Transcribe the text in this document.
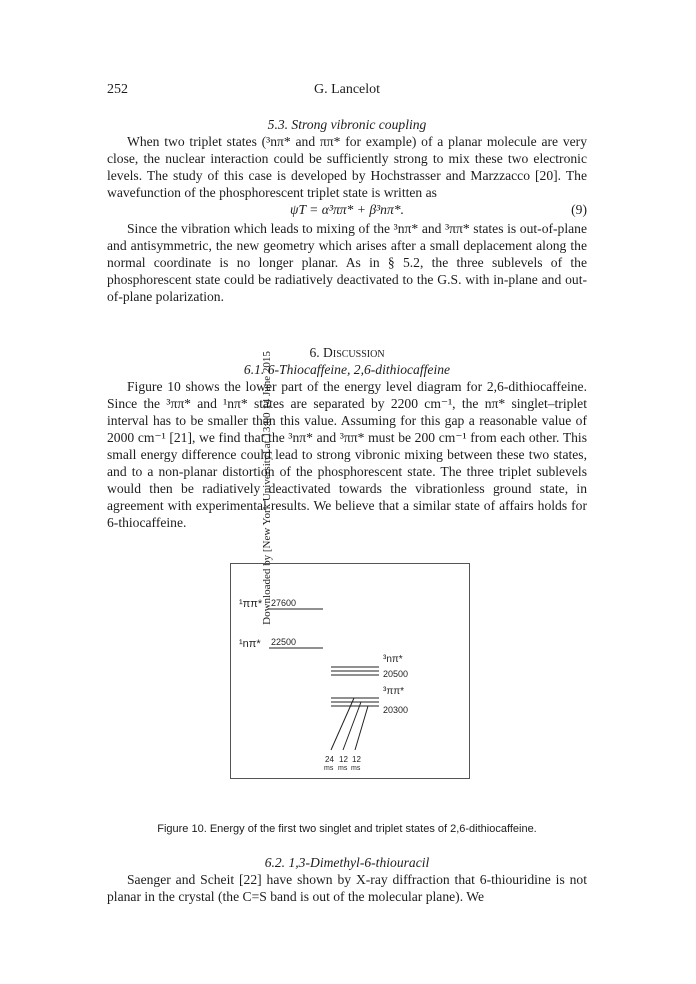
Downloaded by [New York University] at 13:00 14 June 2015
252	G. Lancelot
5.3. Strong vibronic coupling
When two triplet states (³nπ* and ππ* for example) of a planar molecule are very close, the nuclear interaction could be sufficiently strong to mix these two electronic levels. The study of this case is developed by Hochstrasser and Marzzacco [20]. The wavefunction of the phosphorescent triplet state is written as
ψT = α³ππ* + β³nπ*.	(9)
Since the vibration which leads to mixing of the ³nπ* and ³ππ* states is out-of-plane and antisymmetric, the new geometry which arises after a small deplacement along the normal coordinate is no longer planar. As in § 5.2, the three sublevels of the phosphorescent state could be radiatively deactivated to the G.S. with in-plane and out-of-plane polarization.
6. Discussion
6.1. 6-Thiocaffeine, 2,6-dithiocaffeine
Figure 10 shows the lower part of the energy level diagram for 2,6-dithiocaffeine. Since the ³ππ* and ¹nπ* states are separated by 2200 cm⁻¹, the nπ* singlet–triplet interval has to be smaller than this value. Assuming for this gap a reasonable value of 2000 cm⁻¹ [21], we find that the ³nπ* and ³ππ* must be 200 cm⁻¹ from each other. This small energy difference could lead to strong vibronic mixing between these two states, and to a non-planar distortion of the phosphorescent state. The three triplet sublevels would then be radiatively deactivated towards the vibrationless ground state, in agreement with experimental results. We believe that a similar state of affairs holds for 6-thiocaffeine.
¹ππ* 27600
¹nπ* 22500
³nπ*
20500
³ππ*
20300
24 12 12
ms ms ms
Figure 10. Energy of the first two singlet and triplet states of 2,6-dithiocaffeine.
6.2. 1,3-Dimethyl-6-thiouracil
Saenger and Scheit [22] have shown by X-ray diffraction that 6-thiouridine is not planar in the crystal (the C=S band is out of the molecular plane). We
